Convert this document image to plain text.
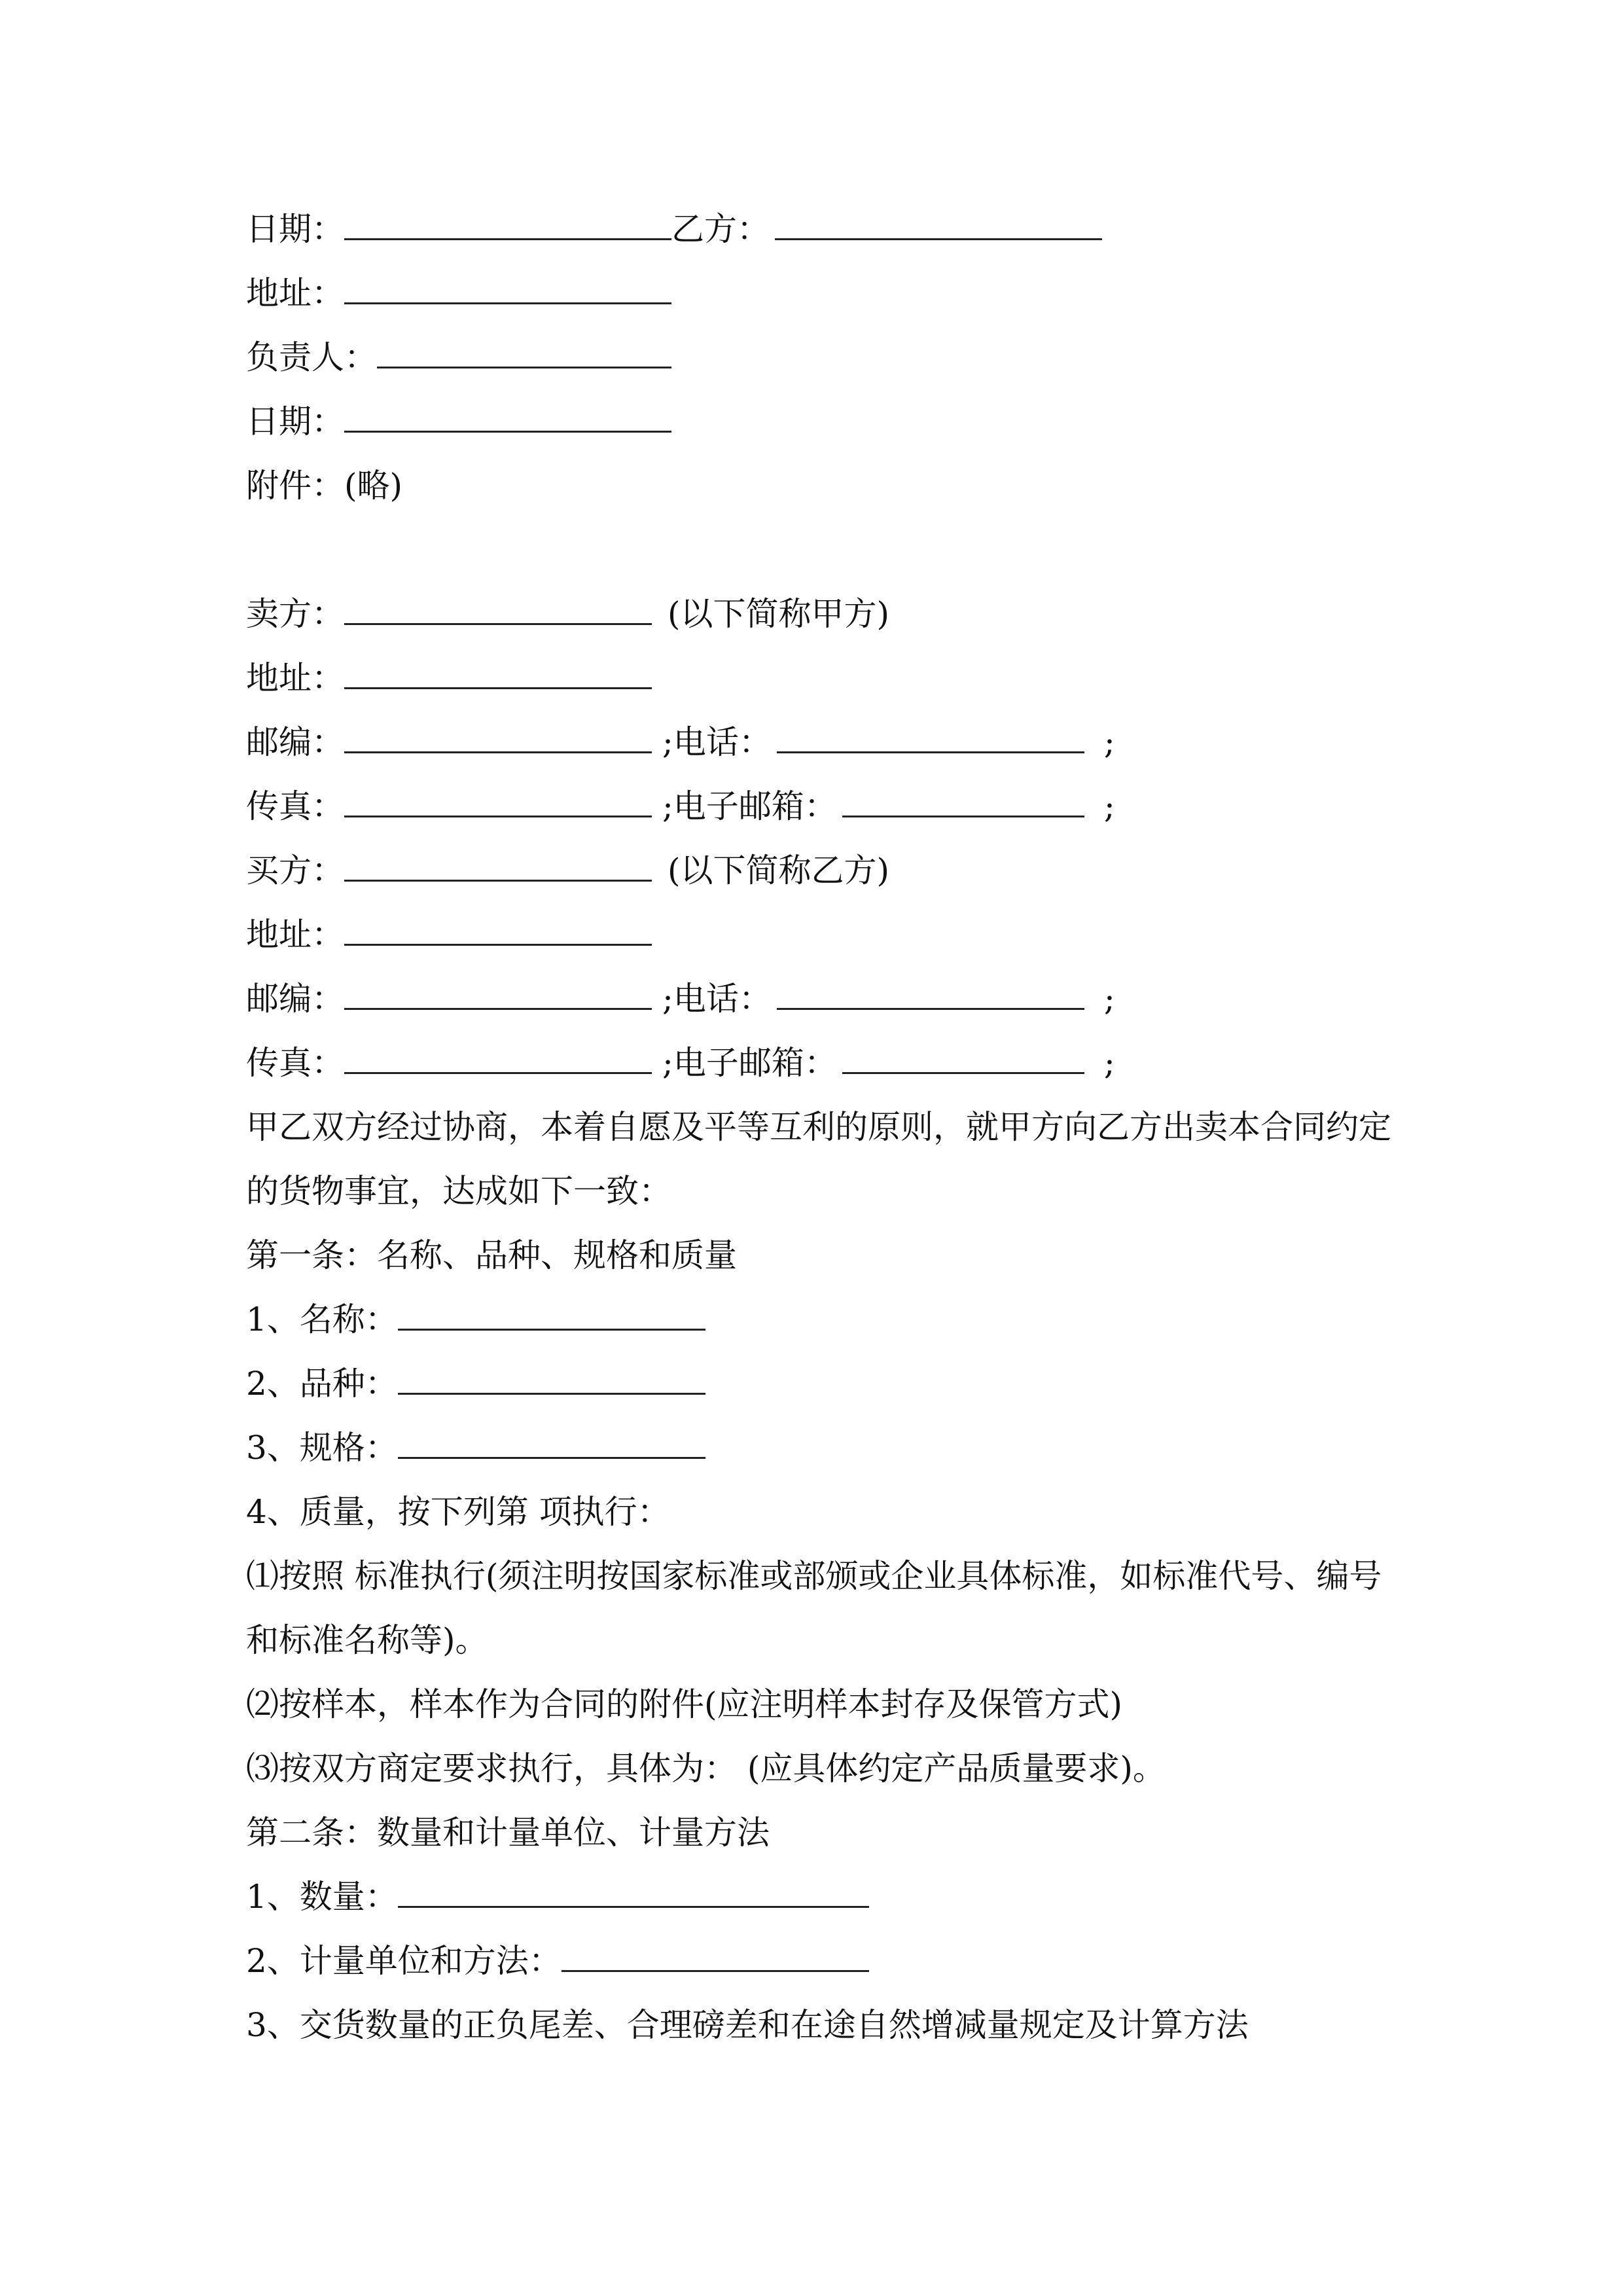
日期：	乙方：
地址：
负责人：
日期：
附件：(略)
卖方：	(以下简称甲方)
地址：
邮编：	;电话：	;
传真：	;电子邮箱：	;
买方：	(以下简称乙方)
地址：
邮编：	;电话：	;
传真：	;电子邮箱：	;
甲乙双方经过协商，本着自愿及平等互利的原则，就甲方向乙方出卖本合同约定
的货物事宜，达成如下一致：
第一条：名称、品种、规格和质量
1、名称：
2、品种：
3、规格：
4、质量，按下列第 项执行：
⑴按照 标准执行(须注明按国家标准或部颁或企业具体标准，如标准代号、编号
和标准名称等)。
⑵按样本，样本作为合同的附件(应注明样本封存及保管方式)
⑶按双方商定要求执行，具体为： (应具体约定产品质量要求)。
第二条：数量和计量单位、计量方法
1、数量：
2、计量单位和方法：
3、交货数量的正负尾差、合理磅差和在途自然增减量规定及计算方法
